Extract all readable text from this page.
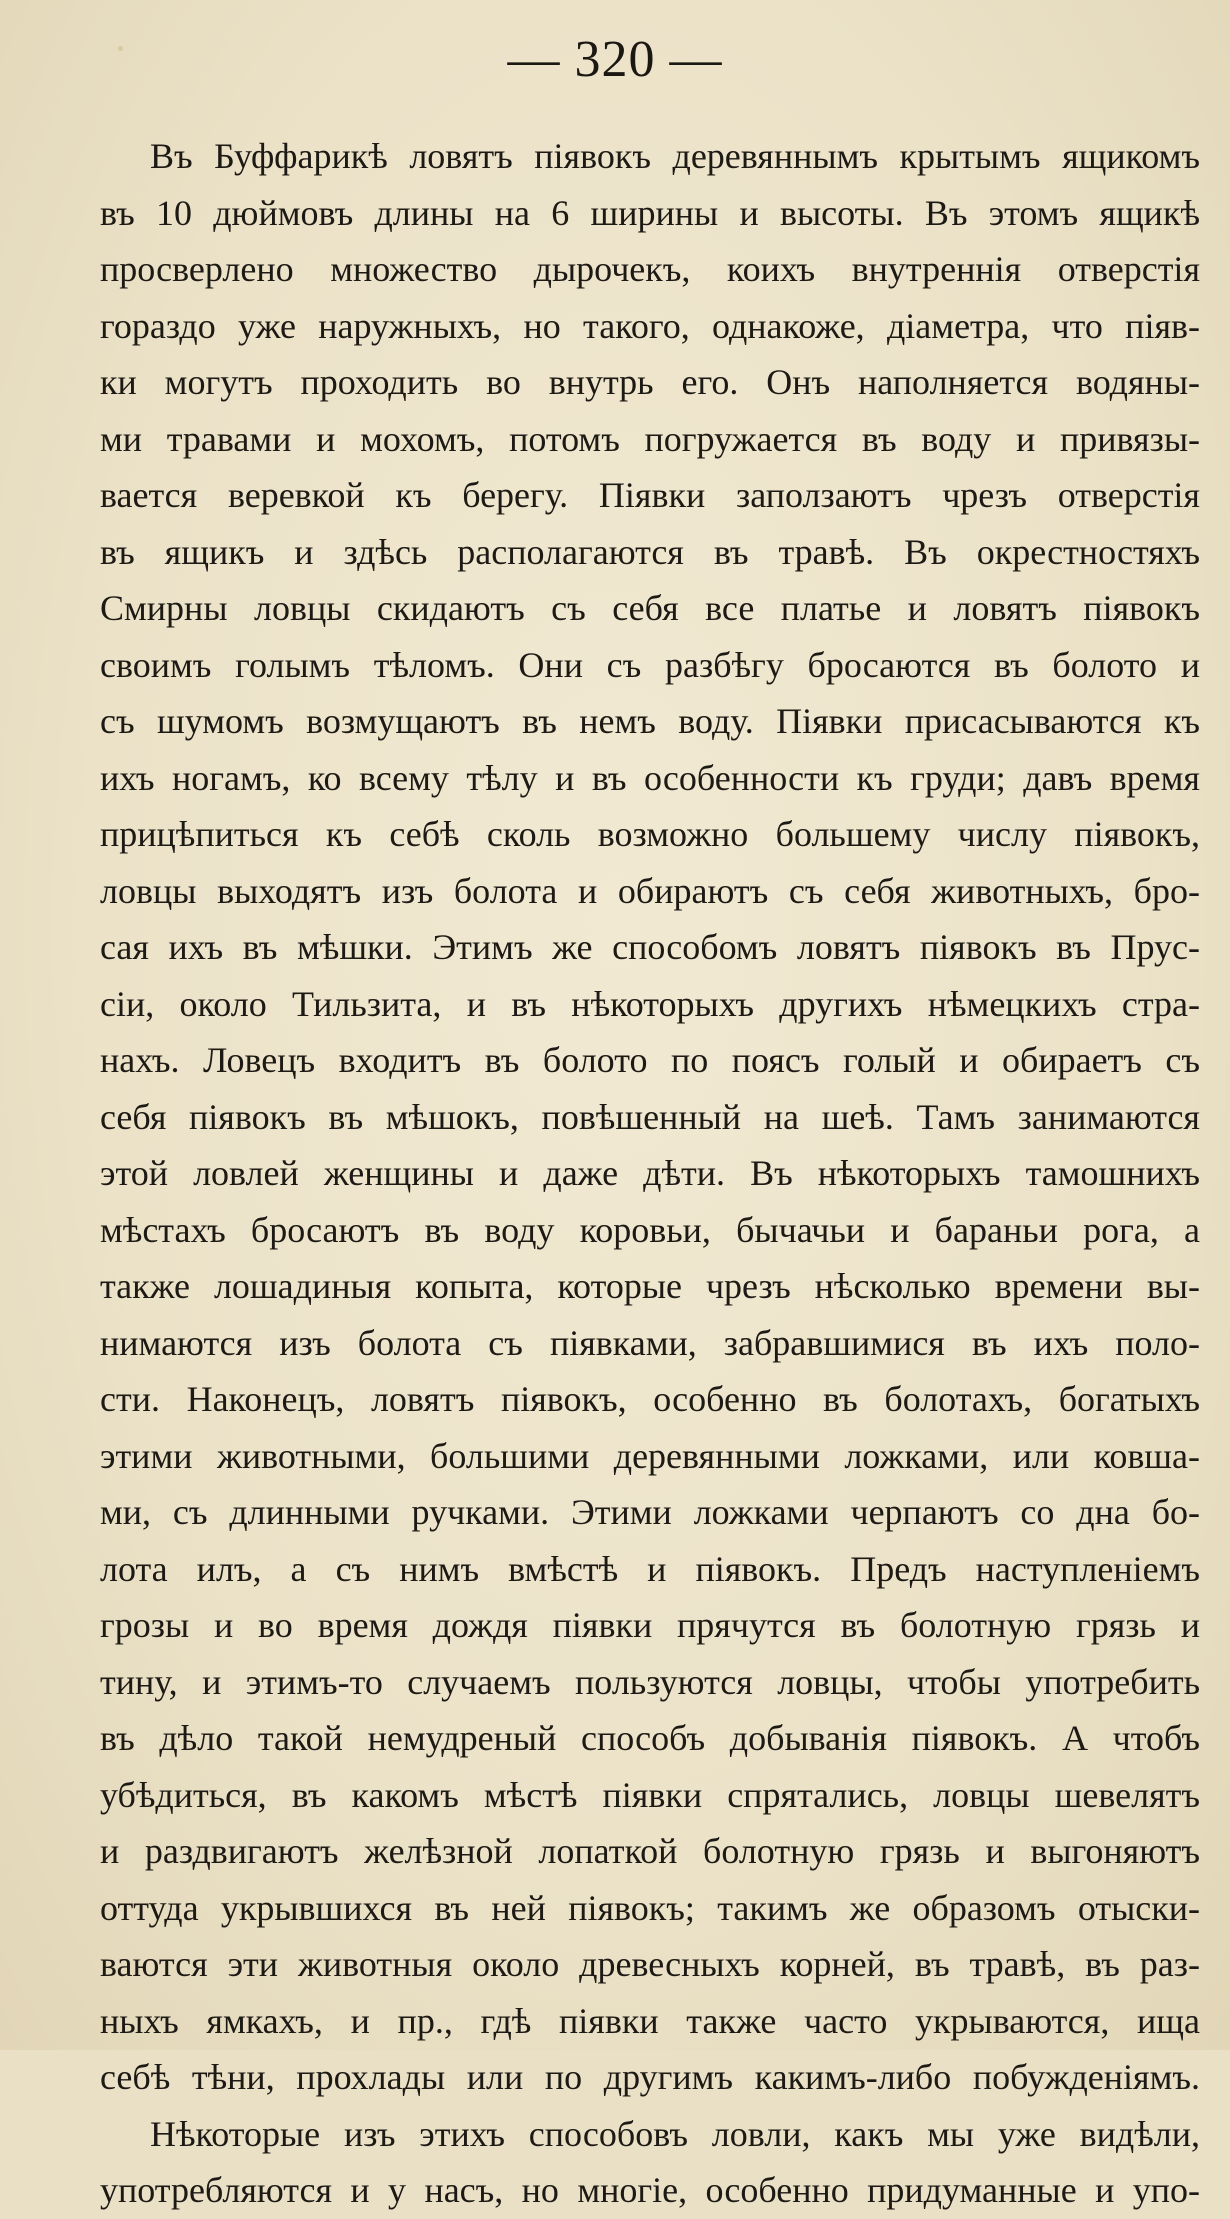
— 320 —
Въ Буффарикѣ ловятъ піявокъ деревяннымъ крытымъ ящикомъ
въ 10 дюймовъ длины на 6 ширины и высоты. Въ этомъ ящикѣ
просверлено множество дырочекъ, коихъ внутреннія отверстія
гораздо уже наружныхъ, но такого, однакоже, діаметра, что піяв-
ки могутъ проходить во внутрь его. Онъ наполняется водяны-
ми травами и мохомъ, потомъ погружается въ воду и привязы-
вается веревкой къ берегу. Піявки заползаютъ чрезъ отверстія
въ ящикъ и здѣсь располагаются въ травѣ. Въ окрестностяхъ
Смирны ловцы скидаютъ съ себя все платье и ловятъ піявокъ
своимъ голымъ тѣломъ. Они съ разбѣгу бросаются въ болото и
съ шумомъ возмущаютъ въ немъ воду. Піявки присасываются къ
ихъ ногамъ, ко всему тѣлу и въ особенности къ груди; давъ время
прицѣпиться къ себѣ сколь возможно большему числу піявокъ,
ловцы выходятъ изъ болота и обираютъ съ себя животныхъ, бро-
сая ихъ въ мѣшки. Этимъ же способомъ ловятъ піявокъ въ Прус-
сіи, около Тильзита, и въ нѣкоторыхъ другихъ нѣмецкихъ стра-
нахъ. Ловецъ входитъ въ болото по поясъ голый и обираетъ съ
себя піявокъ въ мѣшокъ, повѣшенный на шеѣ. Тамъ занимаются
этой ловлей женщины и даже дѣти. Въ нѣкоторыхъ тамошнихъ
мѣстахъ бросаютъ въ воду коровьи, бычачьи и бараньи рога, а
также лошадиныя копыта, которые чрезъ нѣсколько времени вы-
нимаются изъ болота съ піявками, забравшимися въ ихъ поло-
сти. Наконецъ, ловятъ піявокъ, особенно въ болотахъ, богатыхъ
этими животными, большими деревянными ложками, или ковша-
ми, съ длинными ручками. Этими ложками черпаютъ со дна бо-
лота илъ, а съ нимъ вмѣстѣ и піявокъ. Предъ наступленіемъ
грозы и во время дождя піявки прячутся въ болотную грязь и
тину, и этимъ-то случаемъ пользуются ловцы, чтобы употребить
въ дѣло такой немудреный способъ добыванія піявокъ. А чтобъ
убѣдиться, въ какомъ мѣстѣ піявки спрятались, ловцы шевелятъ
и раздвигаютъ желѣзной лопаткой болотную грязь и выгоняютъ
оттуда укрывшихся въ ней піявокъ; такимъ же образомъ отыски-
ваются эти животныя около древесныхъ корней, въ травѣ, въ раз-
ныхъ ямкахъ, и пр., гдѣ піявки также часто укрываются, ища
себѣ тѣни, прохлады или по другимъ какимъ-либо побужденіямъ.
Нѣкоторые изъ этихъ способовъ ловли, какъ мы уже видѣли,
употребляются и у насъ, но многіе, особенно придуманные и упо-
